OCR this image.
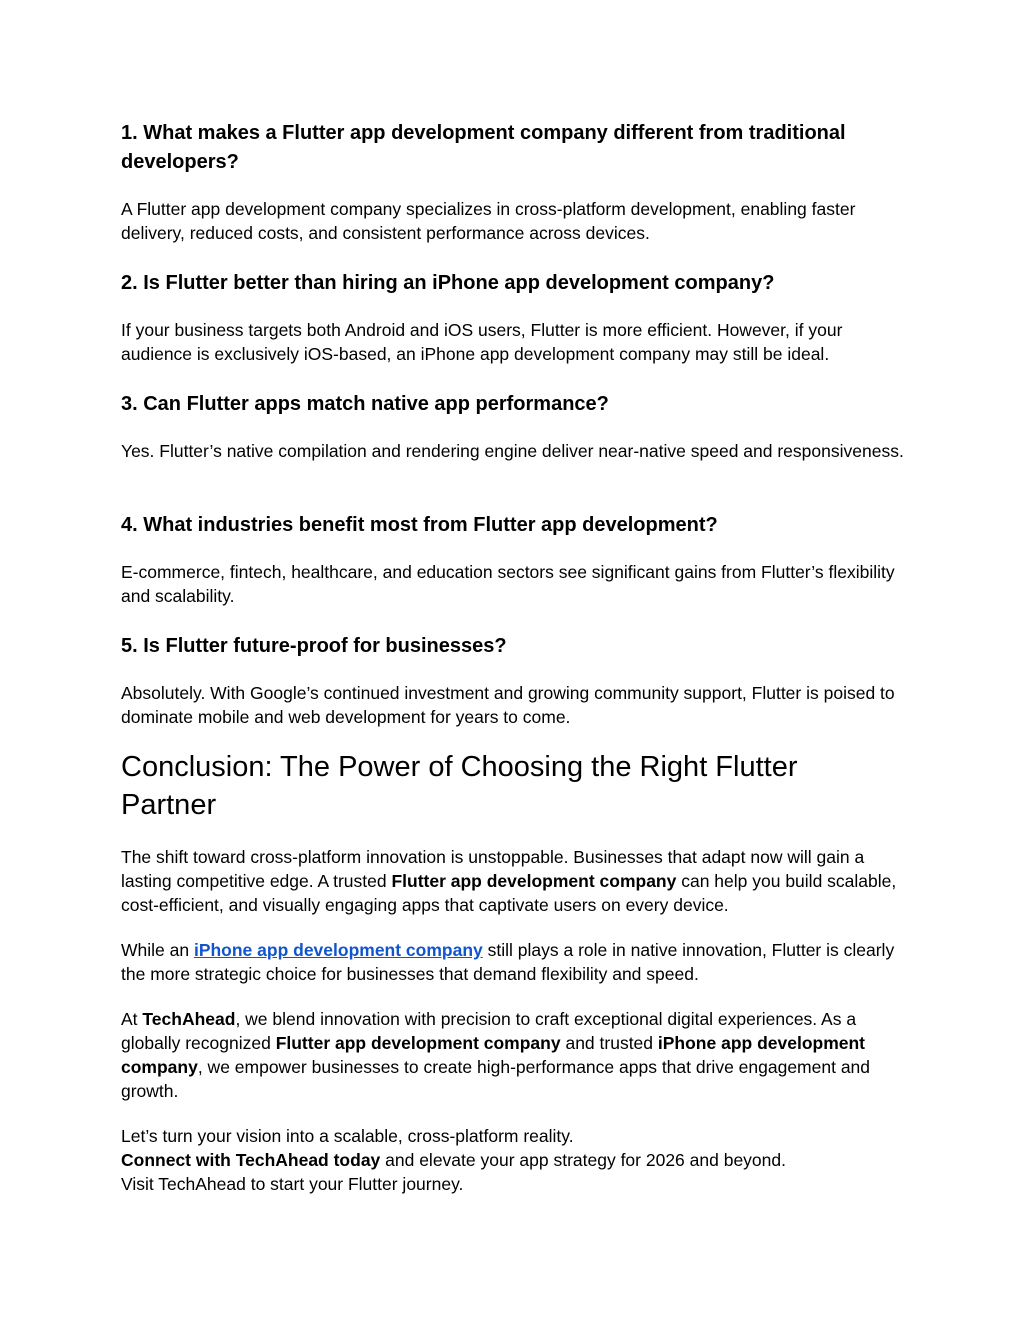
1. What makes a Flutter app development company different from traditional developers?

A Flutter app development company specializes in cross-platform development, enabling faster delivery, reduced costs, and consistent performance across devices.

2. Is Flutter better than hiring an iPhone app development company?

If your business targets both Android and iOS users, Flutter is more efficient. However, if your audience is exclusively iOS-based, an iPhone app development company may still be ideal.

3. Can Flutter apps match native app performance?

Yes. Flutter’s native compilation and rendering engine deliver near-native speed and responsiveness.

4. What industries benefit most from Flutter app development?

E-commerce, fintech, healthcare, and education sectors see significant gains from Flutter’s flexibility and scalability.

5. Is Flutter future-proof for businesses?

Absolutely. With Google’s continued investment and growing community support, Flutter is poised to dominate mobile and web development for years to come.

Conclusion: The Power of Choosing the Right Flutter Partner

The shift toward cross-platform innovation is unstoppable. Businesses that adapt now will gain a lasting competitive edge. A trusted Flutter app development company can help you build scalable, cost-efficient, and visually engaging apps that captivate users on every device.

While an iPhone app development company still plays a role in native innovation, Flutter is clearly the more strategic choice for businesses that demand flexibility and speed.

At TechAhead, we blend innovation with precision to craft exceptional digital experiences. As a globally recognized Flutter app development company and trusted iPhone app development company, we empower businesses to create high-performance apps that drive engagement and growth.

Let’s turn your vision into a scalable, cross-platform reality.
Connect with TechAhead today and elevate your app strategy for 2026 and beyond.
Visit TechAhead to start your Flutter journey.
